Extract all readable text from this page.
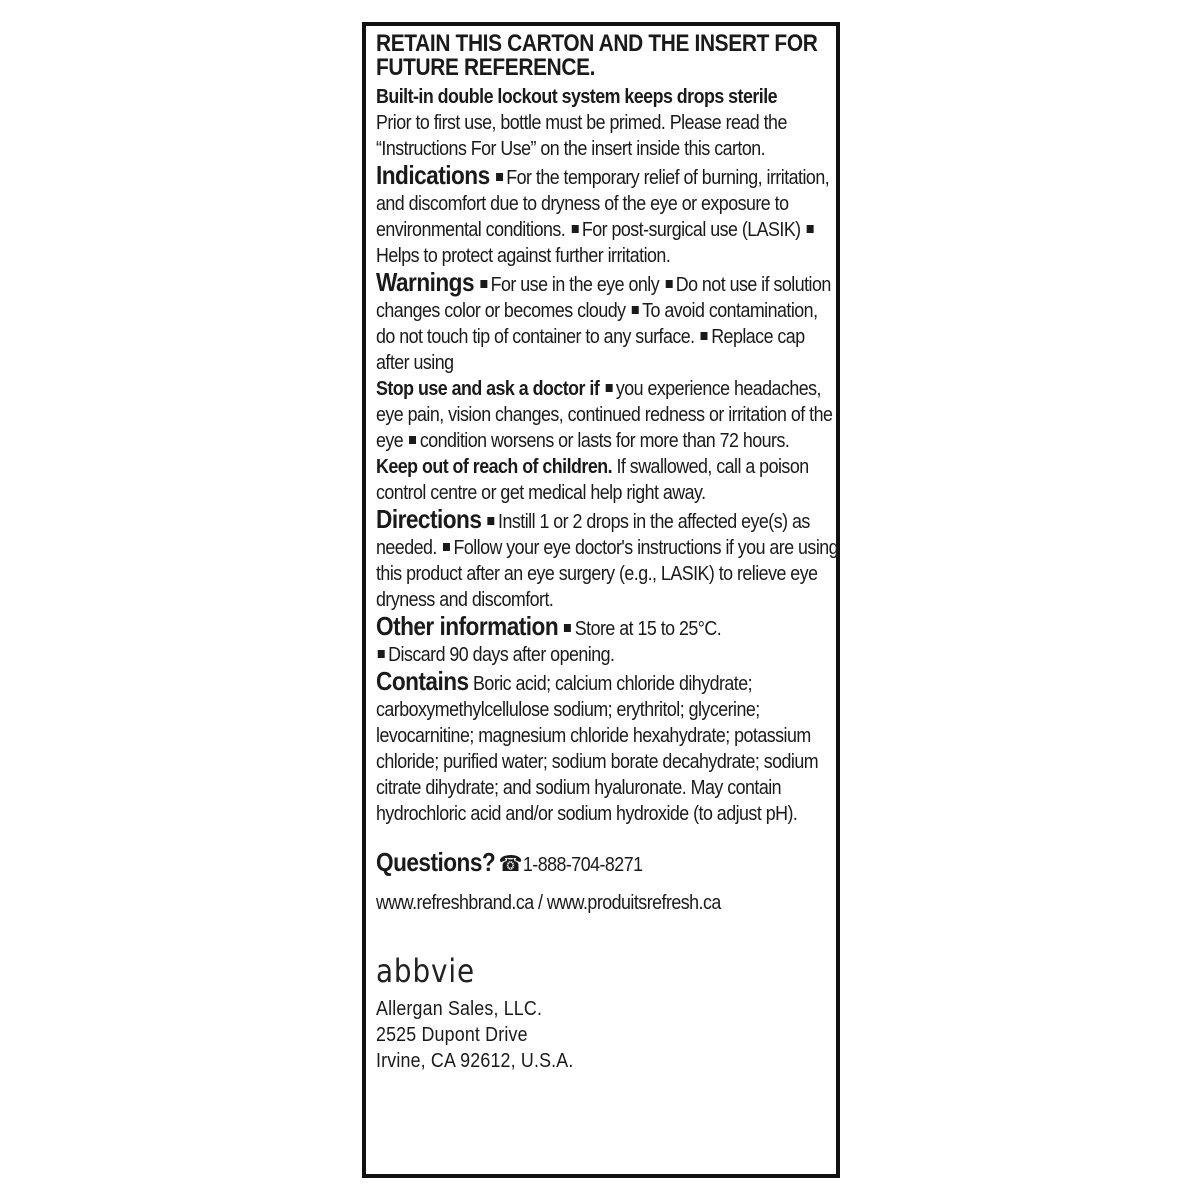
RETAIN THIS CARTON AND THE INSERT FOR FUTURE REFERENCE.

Built-in double lockout system keeps drops sterile

Prior to first use, bottle must be primed. Please read the “Instructions For Use” on the insert inside this carton.

Indications For the temporary relief of burning, irritation, and discomfort due to dryness of the eye or exposure to environmental conditions. For post-surgical use (LASIK) Helps to protect against further irritation.

Warnings For use in the eye only Do not use if solution changes color or becomes cloudy To avoid contamination, do not touch tip of container to any surface. Replace cap after using

Stop use and ask a doctor if you experience headaches, eye pain, vision changes, continued redness or irritation of the eye condition worsens or lasts for more than 72 hours.

Keep out of reach of children. If swallowed, call a poison control centre or get medical help right away.

Directions Instill 1 or 2 drops in the affected eye(s) as needed. Follow your eye doctor's instructions if you are using this product after an eye surgery (e.g., LASIK) to relieve eye dryness and discomfort.

Other information Store at 15 to 25°C.
Discard 90 days after opening.

Contains Boric acid; calcium chloride dihydrate; carboxymethylcellulose sodium; erythritol; glycerine; levocarnitine; magnesium chloride hexahydrate; potassium chloride; purified water; sodium borate decahydrate; sodium citrate dihydrate; and sodium hyaluronate. May contain hydrochloric acid and/or sodium hydroxide (to adjust pH).

Questions? ☎1-888-704-8271

www.refreshbrand.ca / www.produitsrefresh.ca

abbvie

Allergan Sales, LLC.

2525 Dupont Drive

Irvine, CA 92612, U.S.A.
